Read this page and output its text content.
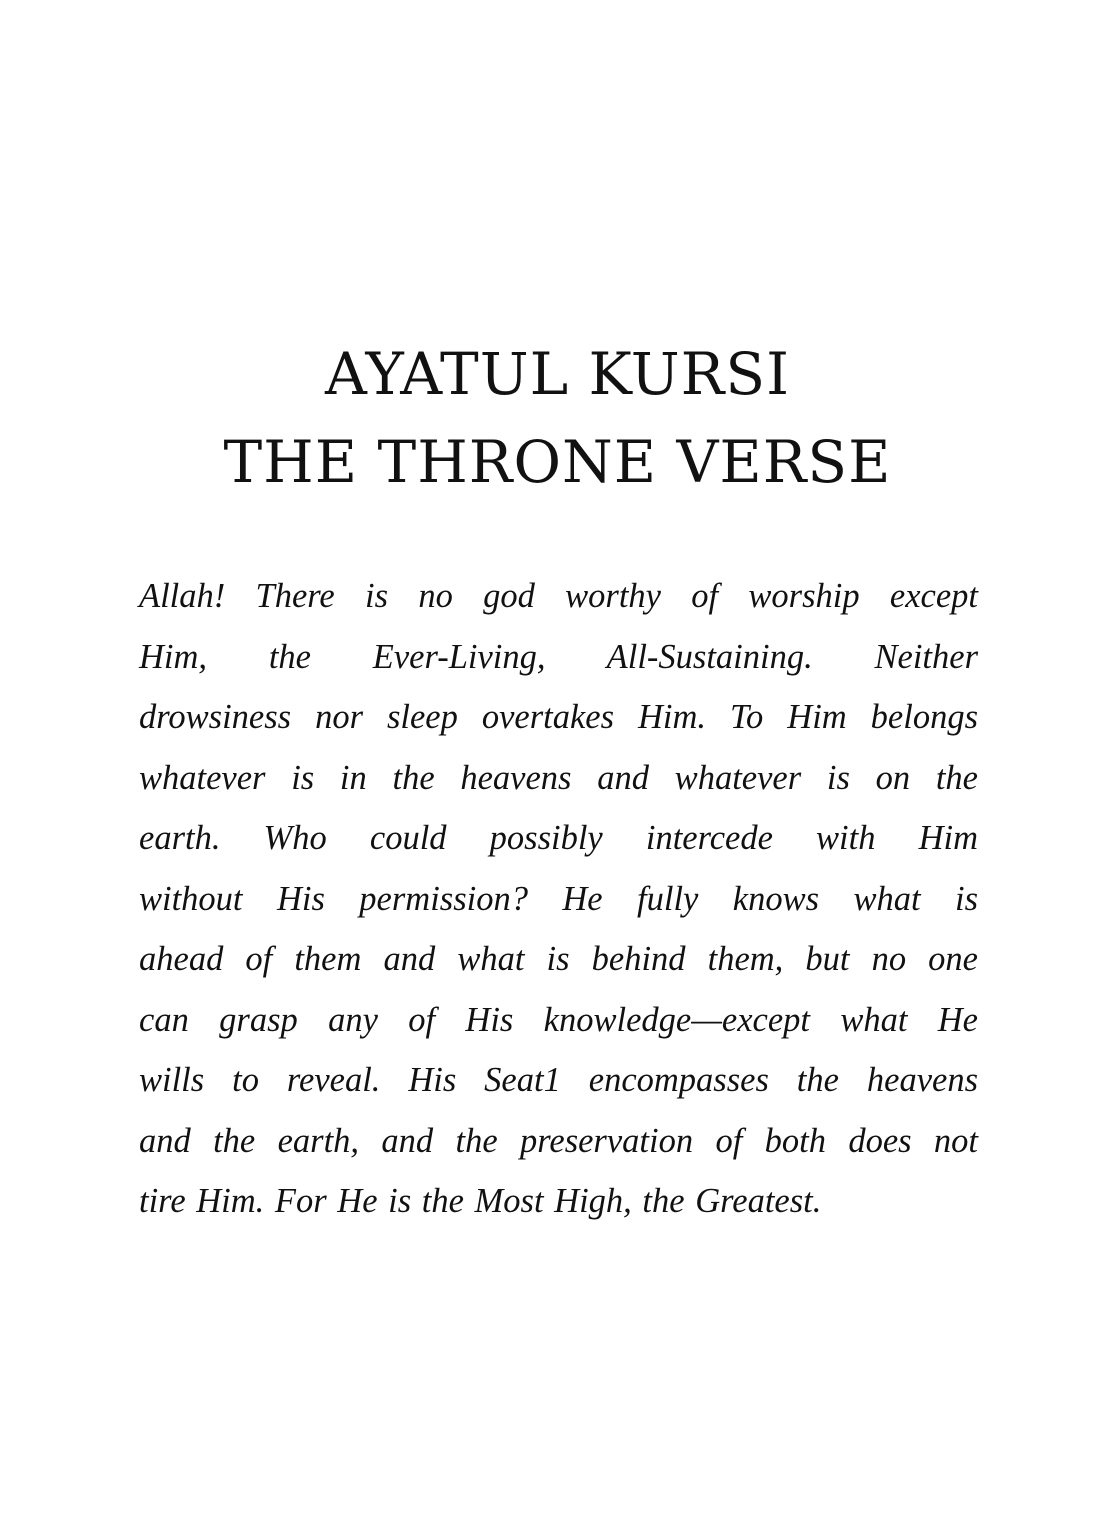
AYATUL KURSI
THE THRONE VERSE

Allah! There is no god worthy of worship except
Him, the Ever-Living, All-Sustaining. Neither
drowsiness nor sleep overtakes Him. To Him belongs
whatever is in the heavens and whatever is on the
earth. Who could possibly intercede with Him
without His permission? He fully knows what is
ahead of them and what is behind them, but no one
can grasp any of His knowledge—except what He
wills to reveal. His Seat1 encompasses the heavens
and the earth, and the preservation of both does not
tire Him. For He is the Most High, the Greatest.
